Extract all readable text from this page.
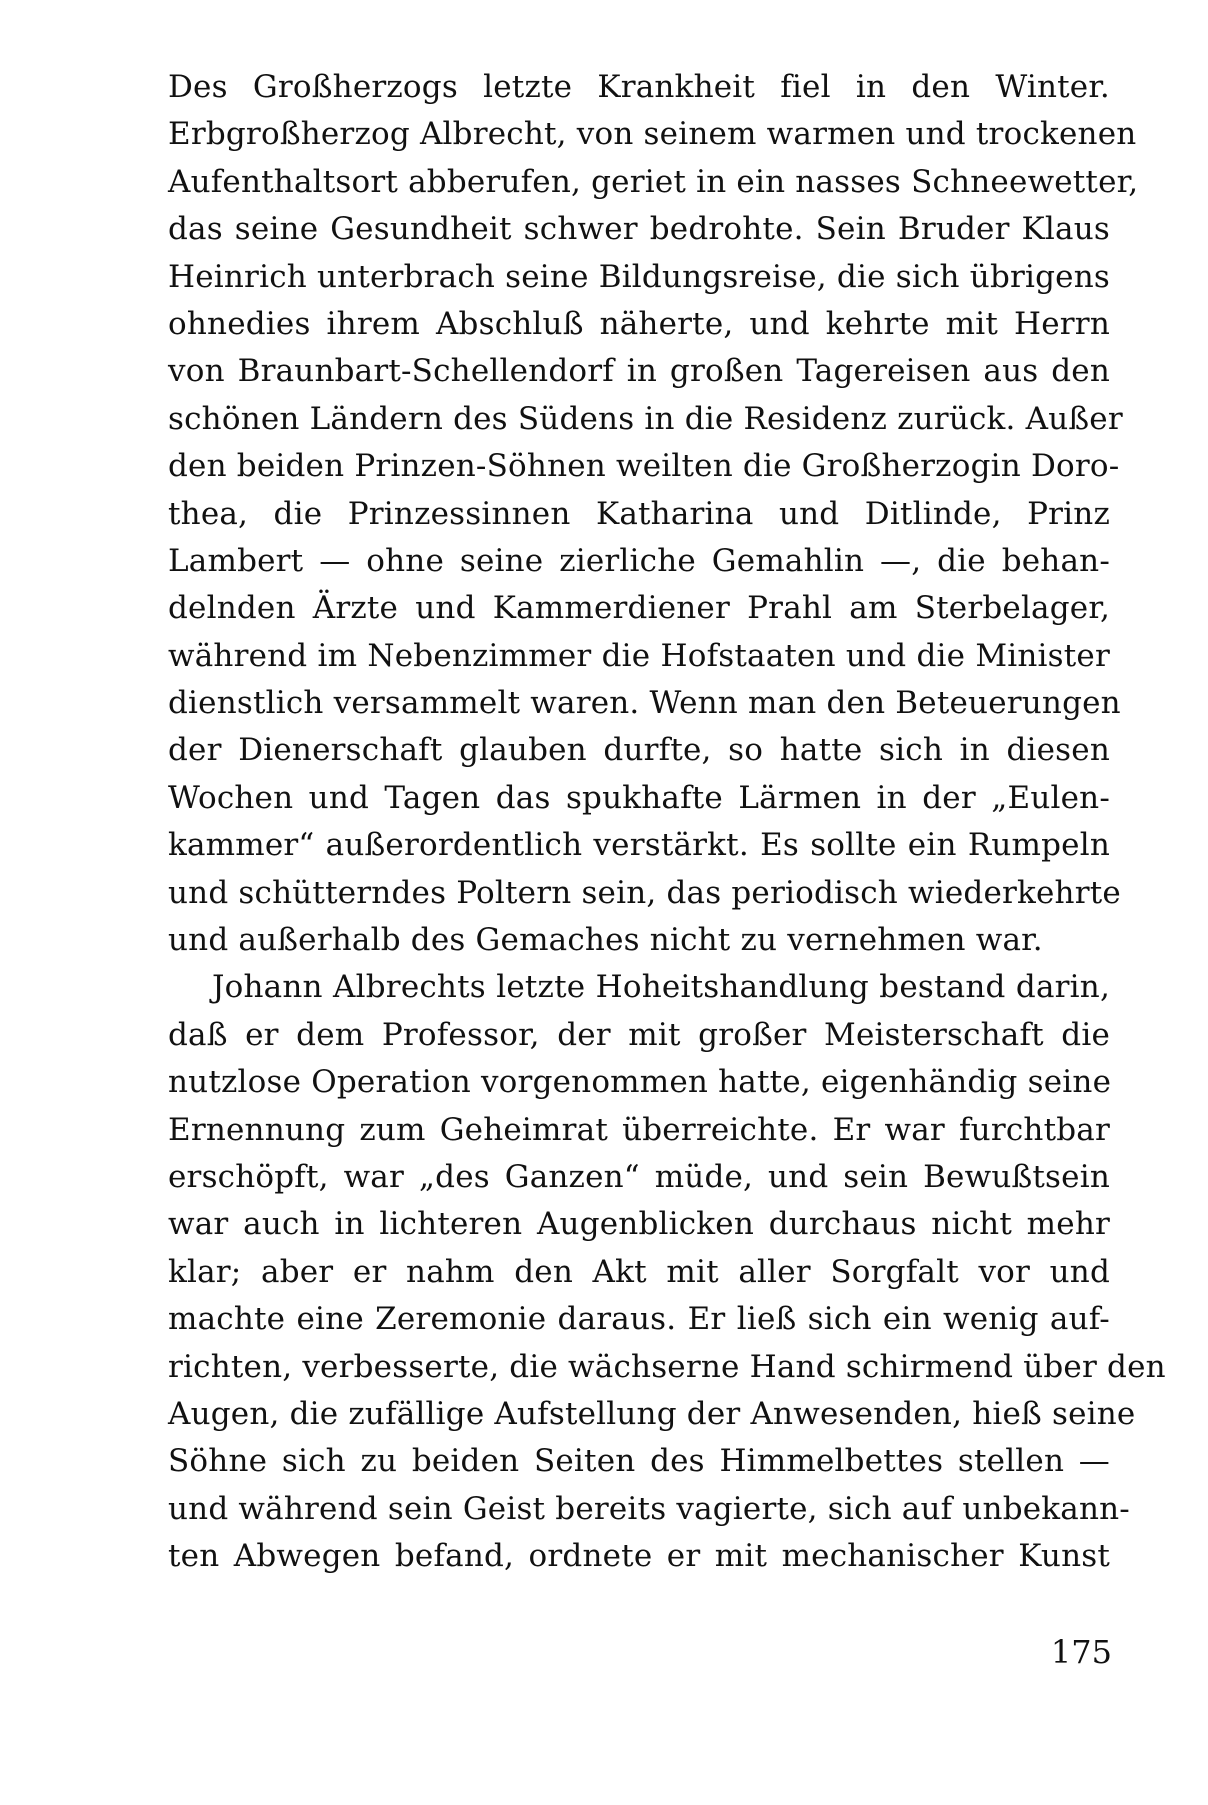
Des Großherzogs letzte Krankheit fiel in den Winter.
Erbgroßherzog Albrecht, von seinem warmen und trockenen
Aufenthaltsort abberufen, geriet in ein nasses Schneewetter,
das seine Gesundheit schwer bedrohte. Sein Bruder Klaus
Heinrich unterbrach seine Bildungsreise, die sich übrigens
ohnedies ihrem Abschluß näherte, und kehrte mit Herrn
von Braunbart-Schellendorf in großen Tagereisen aus den
schönen Ländern des Südens in die Residenz zurück. Außer
den beiden Prinzen-Söhnen weilten die Großherzogin Doro-
thea, die Prinzessinnen Katharina und Ditlinde, Prinz
Lambert — ohne seine zierliche Gemahlin —, die behan-
delnden Ärzte und Kammerdiener Prahl am Sterbelager,
während im Nebenzimmer die Hofstaaten und die Minister
dienstlich versammelt waren. Wenn man den Beteuerungen
der Dienerschaft glauben durfte, so hatte sich in diesen
Wochen und Tagen das spukhafte Lärmen in der „Eulen-
kammer“ außerordentlich verstärkt. Es sollte ein Rumpeln
und schütterndes Poltern sein, das periodisch wiederkehrte
und außerhalb des Gemaches nicht zu vernehmen war.
Johann Albrechts letzte Hoheitshandlung bestand darin,
daß er dem Professor, der mit großer Meisterschaft die
nutzlose Operation vorgenommen hatte, eigenhändig seine
Ernennung zum Geheimrat überreichte. Er war furchtbar
erschöpft, war „des Ganzen“ müde, und sein Bewußtsein
war auch in lichteren Augenblicken durchaus nicht mehr
klar; aber er nahm den Akt mit aller Sorgfalt vor und
machte eine Zeremonie daraus. Er ließ sich ein wenig auf-
richten, verbesserte, die wächserne Hand schirmend über den
Augen, die zufällige Aufstellung der Anwesenden, hieß seine
Söhne sich zu beiden Seiten des Himmelbettes stellen —
und während sein Geist bereits vagierte, sich auf unbekann-
ten Abwegen befand, ordnete er mit mechanischer Kunst
175
